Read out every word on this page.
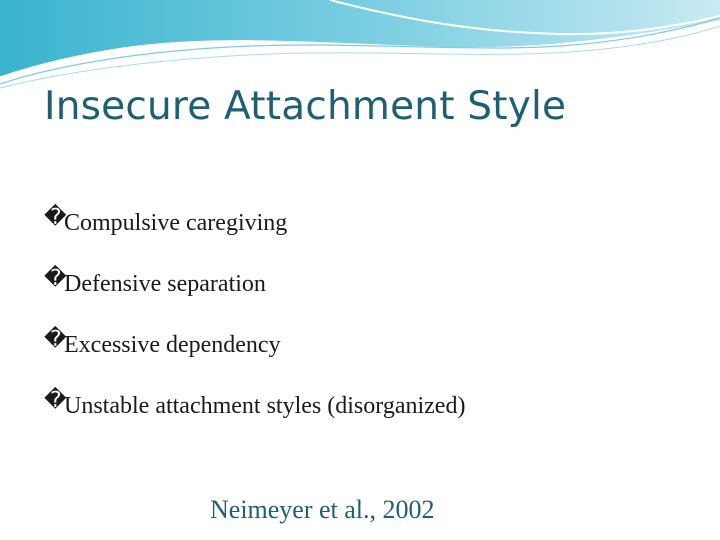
Insecure Attachment Style
�
Compulsive caregiving
�
Defensive separation
�
Excessive dependency
�
Unstable attachment styles (disorganized)
Neimeyer et al., 2002
